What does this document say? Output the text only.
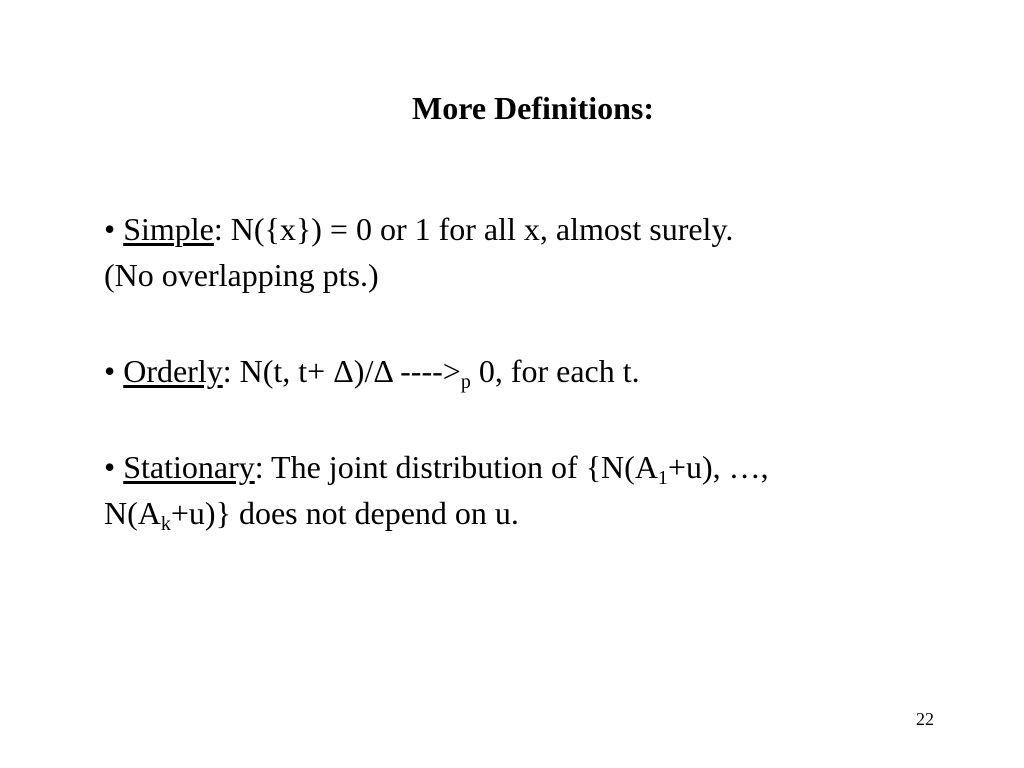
More Definitions:

• Simple: N({x}) = 0 or 1 for all x, almost surely.
(No overlapping pts.)

• Orderly: N(t, t+ Δ)/Δ $---->_p$ 0, for each t.

• Stationary: The joint distribution of {$N(A_1+u)$, …,
$N(A_k+u)$} does not depend on u.

22
